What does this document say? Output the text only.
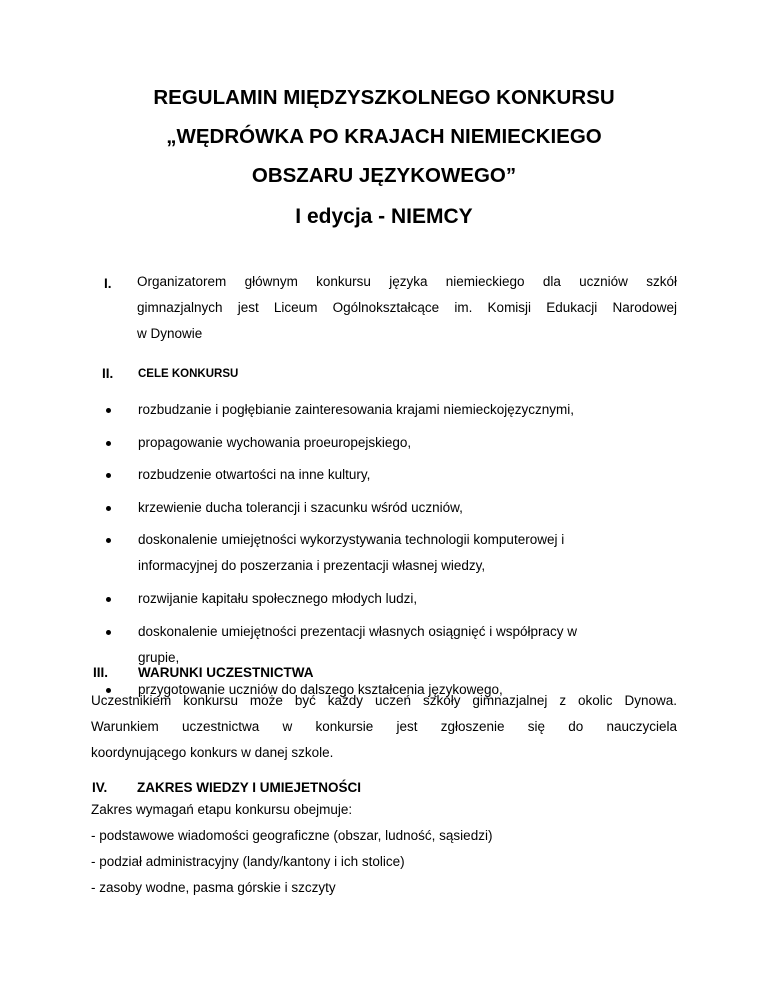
REGULAMIN MIĘDZYSZKOLNEGO KONKURSU
„WĘDRÓWKA PO KRAJACH NIEMIECKIEGO
OBSZARU JĘZYKOWEGO”
I edycja - NIEMCY
I. Organizatorem głównym konkursu języka niemieckiego dla uczniów szkół
gimnazjalnych jest Liceum Ogólnokształcące im. Komisji Edukacji Narodowej
w Dynowie
II. CELE KONKURSU
rozbudzanie i pogłębianie zainteresowania krajami niemieckojęzycznymi,
propagowanie wychowania proeuropejskiego,
rozbudzenie otwartości na inne kultury,
krzewienie ducha tolerancji i szacunku wśród uczniów,
doskonalenie umiejętności wykorzystywania technologii komputerowej i
informacyjnej do poszerzania i prezentacji własnej wiedzy,
rozwijanie kapitału społecznego młodych ludzi,
doskonalenie umiejętności prezentacji własnych osiągnięć i współpracy w
grupie,
przygotowanie uczniów do dalszego kształcenia językowego,
III. WARUNKI UCZESTNICTWA
Uczestnikiem konkursu może być każdy uczeń szkoły gimnazjalnej z okolic Dynowa.
Warunkiem uczestnictwa w konkursie jest zgłoszenie się do nauczyciela
koordynującego konkurs w danej szkole.
IV. ZAKRES WIEDZY I UMIEJETNOŚCI
Zakres wymagań etapu konkursu obejmuje:
- podstawowe wiadomości geograficzne (obszar, ludność, sąsiedzi)
- podział administracyjny (landy/kantony i ich stolice)
- zasoby wodne, pasma górskie i szczyty
